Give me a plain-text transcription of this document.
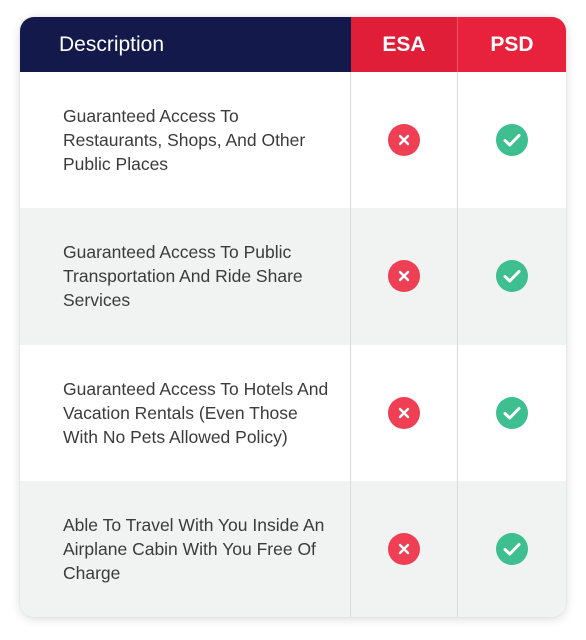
Description	ESA	PSD
Guaranteed Access To Restaurants, Shops, And Other Public Places
Guaranteed Access To Public Transportation And Ride Share Services
Guaranteed Access To Hotels And Vacation Rentals (Even Those With No Pets Allowed Policy)
Able To Travel With You Inside An Airplane Cabin With You Free Of Charge
